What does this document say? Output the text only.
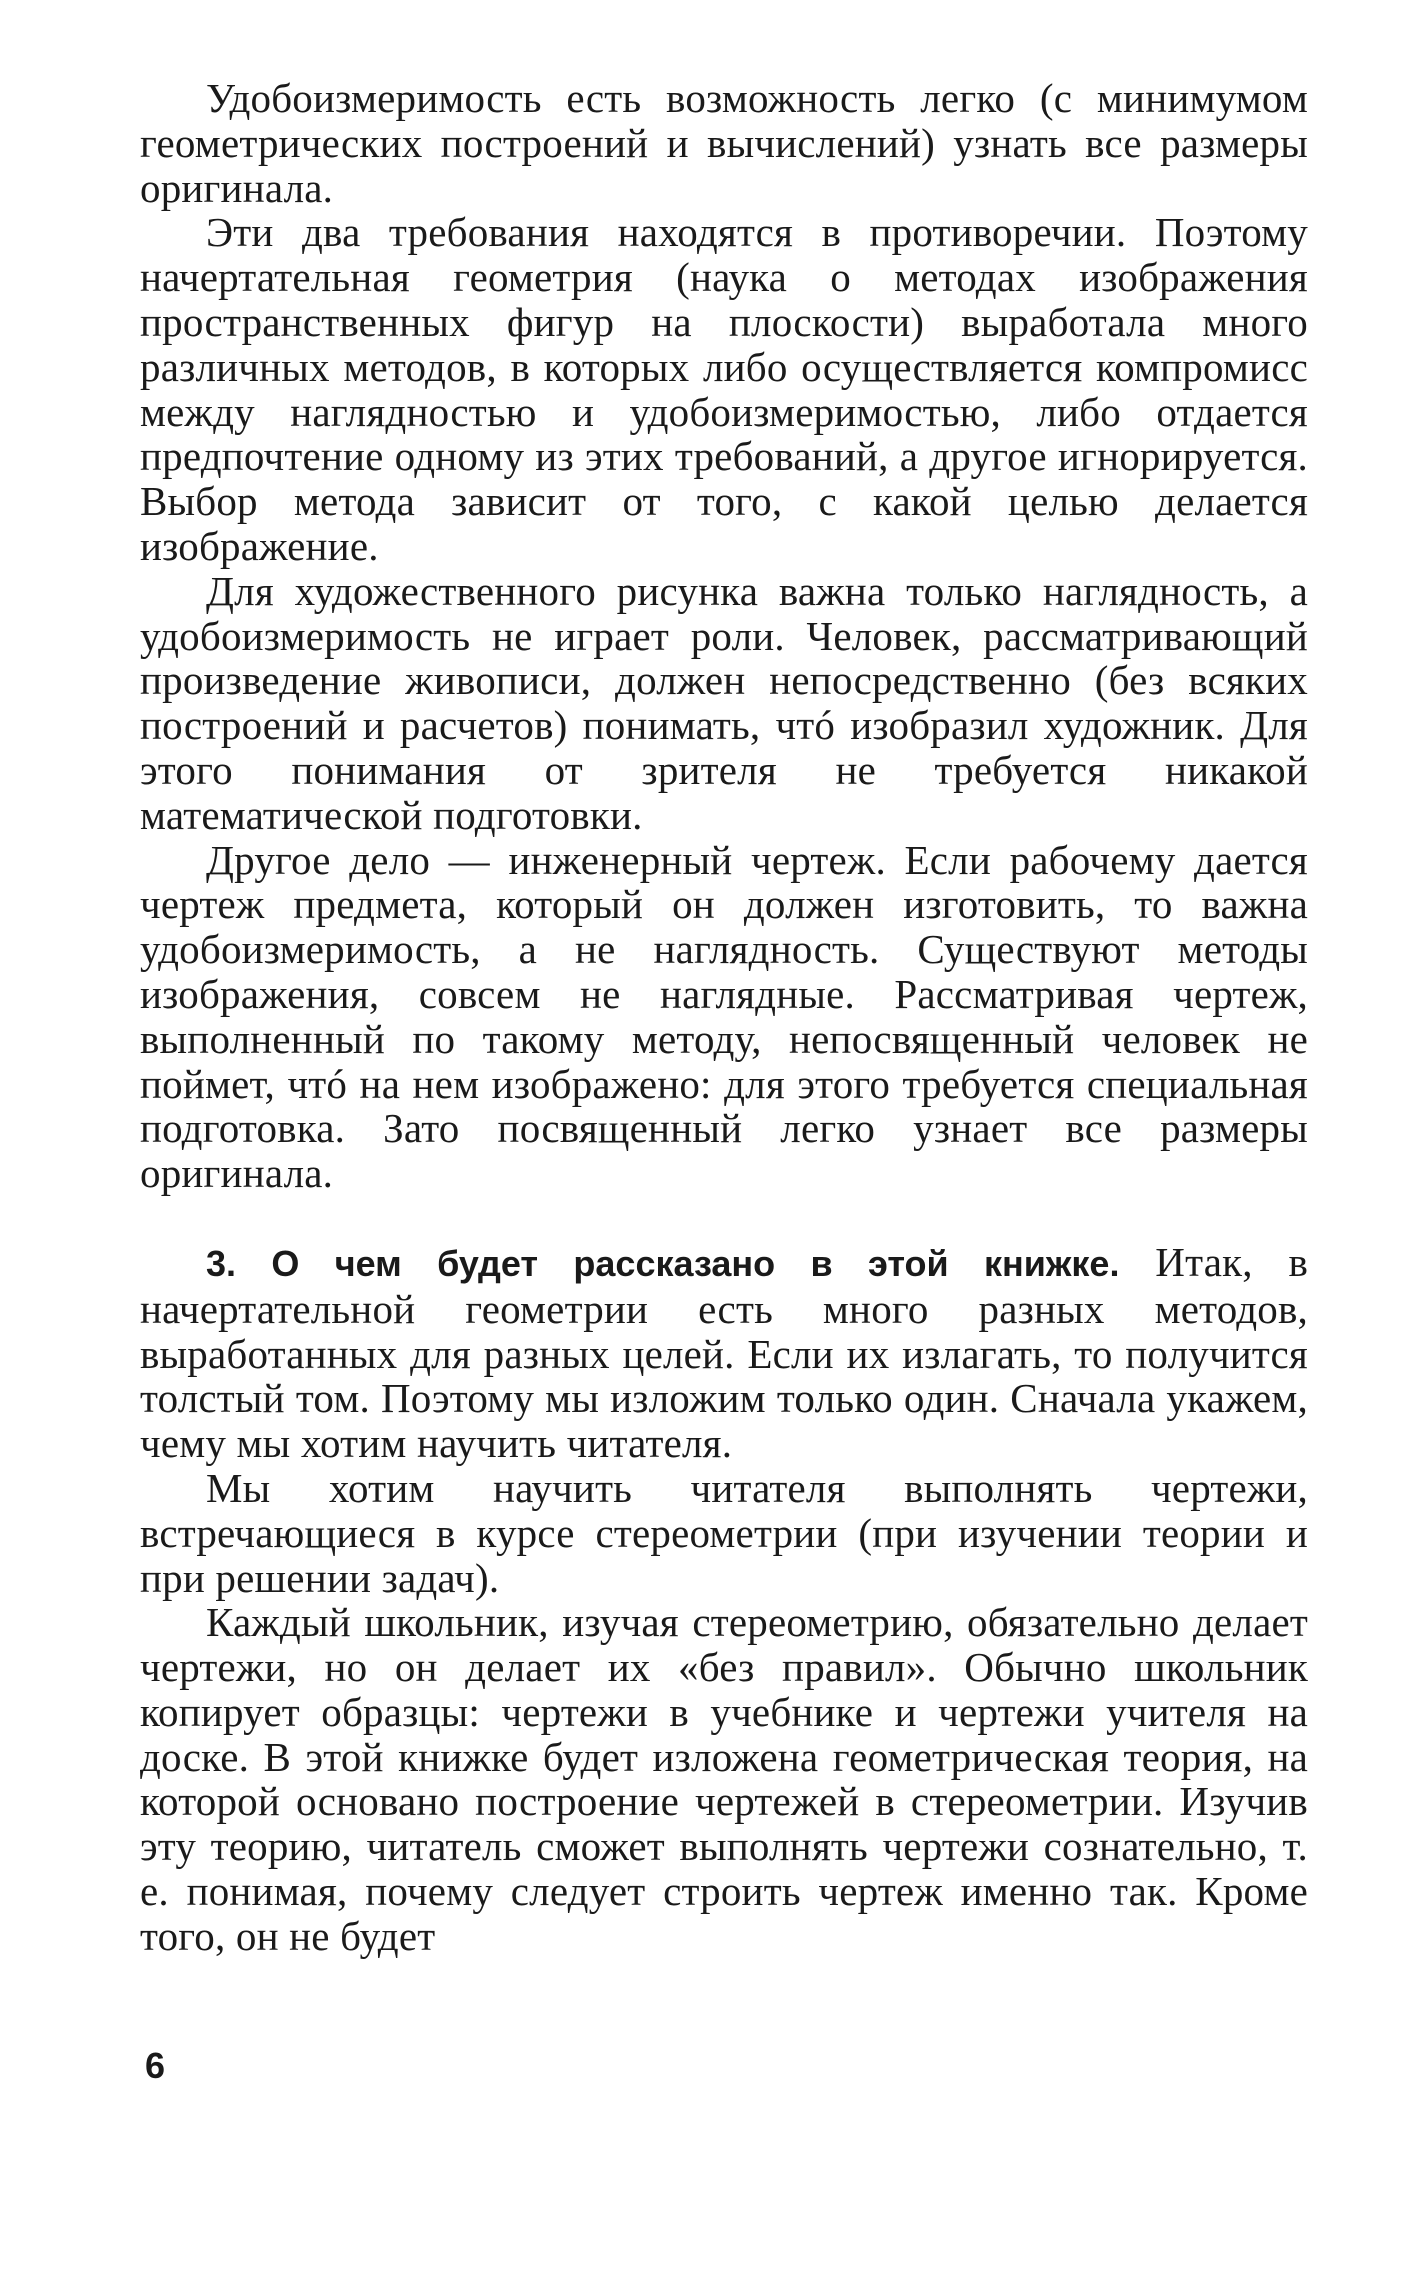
Удобоизмеримость есть возможность легко (с минимумом геометрических построений и вычислений) узнать все размеры оригинала.

Эти два требования находятся в противоречии. Поэтому начертательная геометрия (наука о методах изображения пространственных фигур на плоскости) выработала много различных методов, в которых либо осуществляется компромисс между наглядностью и удобоизмеримостью, либо отдается предпочтение одному из этих требований, а другое игнорируется. Выбор метода зависит от того, с какой целью делается изображение.

Для художественного рисунка важна только наглядность, а удобоизмеримость не играет роли. Человек, рассматривающий произведение живописи, должен непосредственно (без всяких построений и расчетов) понимать, чтó изобразил художник. Для этого понимания от зрителя не требуется никакой математической подготовки.

Другое дело — инженерный чертеж. Если рабочему дается чертеж предмета, который он должен изготовить, то важна удобоизмеримость, а не наглядность. Существуют методы изображения, совсем не наглядные. Рассматривая чертеж, выполненный по такому методу, непосвященный человек не поймет, чтó на нем изображено: для этого требуется специальная подготовка. Зато посвященный легко узнает все размеры оригинала.

3. О чем будет рассказано в этой книжке. Итак, в начертательной геометрии есть много разных методов, выработанных для разных целей. Если их излагать, то получится толстый том. Поэтому мы изложим только один. Сначала укажем, чему мы хотим научить читателя.

Мы хотим научить читателя выполнять чертежи, встречающиеся в курсе стереометрии (при изучении теории и при решении задач).

Каждый школьник, изучая стереометрию, обязательно делает чертежи, но он делает их «без правил». Обычно школьник копирует образцы: чертежи в учебнике и чертежи учителя на доске. В этой книжке будет изложена геометрическая теория, на которой основано построение чертежей в стереометрии. Изучив эту теорию, читатель сможет выполнять чертежи сознательно, т. е. понимая, почему следует строить чертеж именно так. Кроме того, он не будет

6
